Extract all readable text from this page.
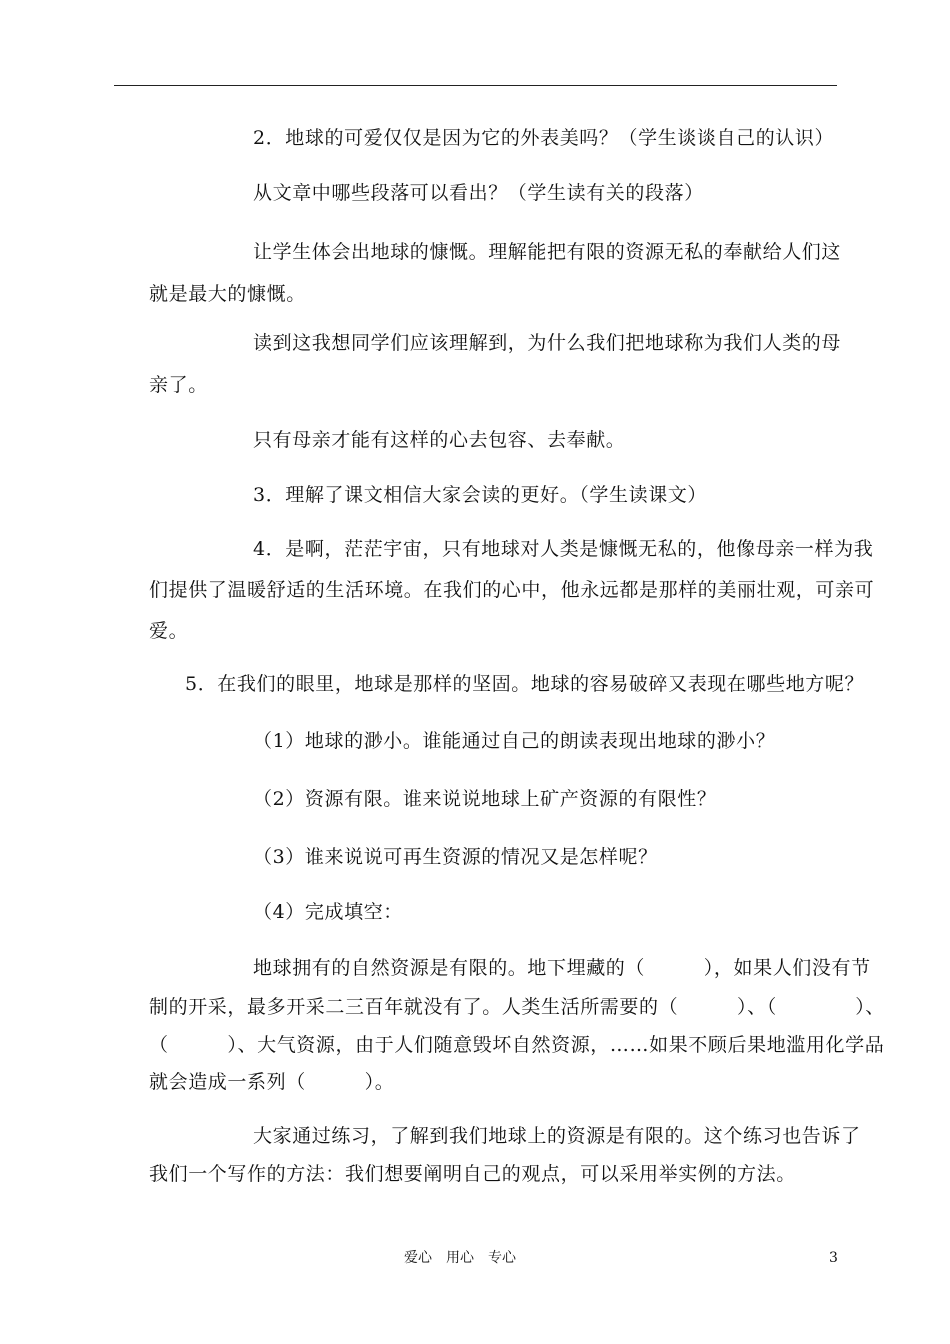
2．地球的可爱仅仅是因为它的外表美吗？（学生谈谈自己的认识）
从文章中哪些段落可以看出？（学生读有关的段落）
让学生体会出地球的慷慨。理解能把有限的资源无私的奉献给人们这
就是最大的慷慨。
读到这我想同学们应该理解到，为什么我们把地球称为我们人类的母
亲了。
只有母亲才能有这样的心去包容、去奉献。
3．理解了课文相信大家会读的更好。（学生读课文）
4．是啊，茫茫宇宙，只有地球对人类是慷慨无私的，他像母亲一样为我
们提供了温暖舒适的生活环境。在我们的心中，他永远都是那样的美丽壮观，可亲可
爱。
5．在我们的眼里，地球是那样的坚固。地球的容易破碎又表现在哪些地方呢？
（1）地球的渺小。谁能通过自己的朗读表现出地球的渺小？
（2）资源有限。谁来说说地球上矿产资源的有限性？
（3）谁来说说可再生资源的情况又是怎样呢？
（4）完成填空：
地球拥有的自然资源是有限的。地下埋藏的（　　　），如果人们没有节
制的开采，最多开采二三百年就没有了。人类生活所需要的（　　　）、（　　　　）、
（　　　）、大气资源，由于人们随意毁坏自然资源，……如果不顾后果地滥用化学品
就会造成一系列（　　　）。
大家通过练习，了解到我们地球上的资源是有限的。这个练习也告诉了
我们一个写作的方法：我们想要阐明自己的观点，可以采用举实例的方法。
爱心　用心　专心	3
